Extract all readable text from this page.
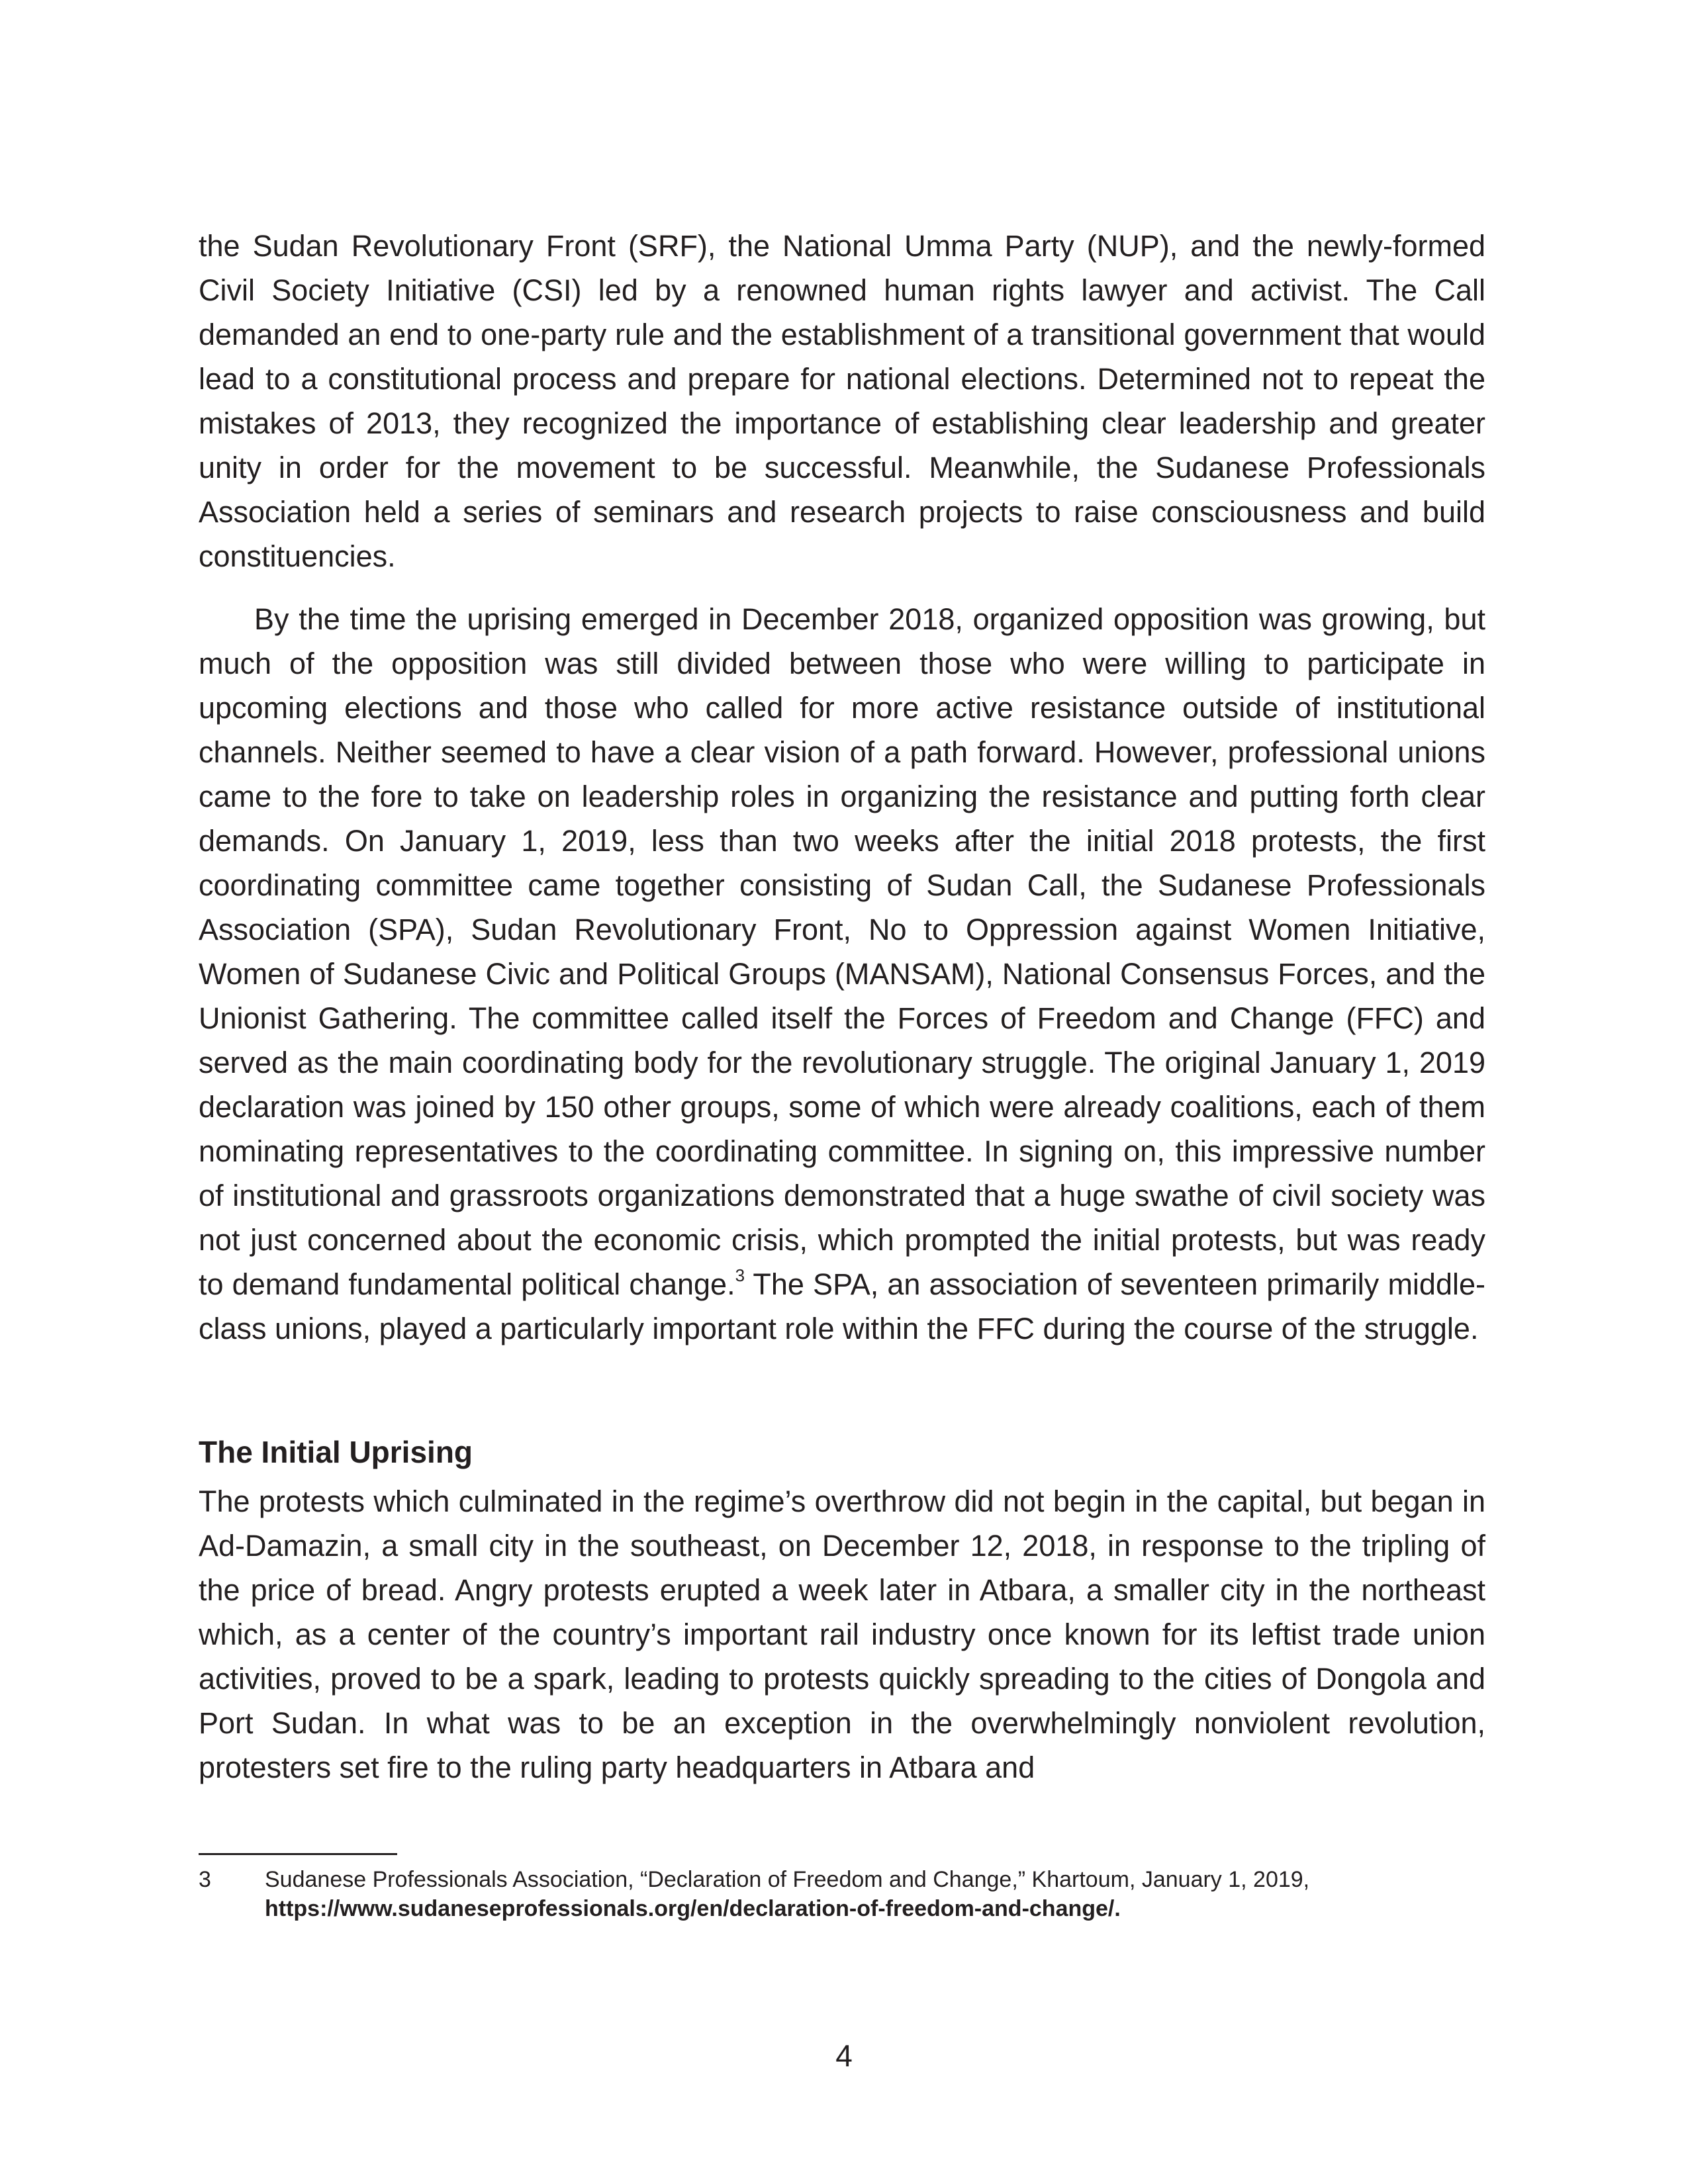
the Sudan Revolutionary Front (SRF), the National Umma Party (NUP), and the newly-formed Civil Society Initiative (CSI) led by a renowned human rights lawyer and activist. The Call demanded an end to one-party rule and the establishment of a transitional government that would lead to a constitutional process and prepare for national elections. Determined not to repeat the mistakes of 2013, they recognized the importance of establishing clear leadership and greater unity in order for the movement to be successful. Meanwhile, the Sudanese Professionals Association held a series of seminars and research projects to raise consciousness and build constituencies.

By the time the uprising emerged in December 2018, organized opposition was growing, but much of the opposition was still divided between those who were willing to participate in upcoming elections and those who called for more active resistance outside of institutional channels. Neither seemed to have a clear vision of a path forward. However, professional unions came to the fore to take on leadership roles in organizing the resistance and putting forth clear demands. On January 1, 2019, less than two weeks after the initial 2018 protests, the first coordinating committee came together consisting of Sudan Call, the Sudanese Professionals Association (SPA), Sudan Revolutionary Front, No to Oppression against Women Initiative, Women of Sudanese Civic and Political Groups (MANSAM), National Consensus Forces, and the Unionist Gathering. The committee called itself the Forces of Freedom and Change (FFC) and served as the main coordinating body for the revolutionary struggle. The original January 1, 2019 declaration was joined by 150 other groups, some of which were already coalitions, each of them nominating representatives to the coordinating committee. In signing on, this impressive number of institutional and grassroots organizations demonstrated that a huge swathe of civil society was not just concerned about the economic crisis, which prompted the initial protests, but was ready to demand fundamental political change.$^3$ The SPA, an association of seventeen primarily middle-class unions, played a particularly important role within the FFC during the course of the struggle.

The Initial Uprising

The protests which culminated in the regime’s overthrow did not begin in the capital, but began in Ad-Damazin, a small city in the southeast, on December 12, 2018, in response to the tripling of the price of bread. Angry protests erupted a week later in Atbara, a smaller city in the northeast which, as a center of the country’s important rail industry once known for its leftist trade union activities, proved to be a spark, leading to protests quickly spreading to the cities of Dongola and Port Sudan. In what was to be an exception in the overwhelmingly nonviolent revolution, protesters set fire to the ruling party headquarters in Atbara and

3 Sudanese Professionals Association, “Declaration of Freedom and Change,” Khartoum, January 1, 2019,
https://www.sudaneseprofessionals.org/en/declaration-of-freedom-and-change/.
4
